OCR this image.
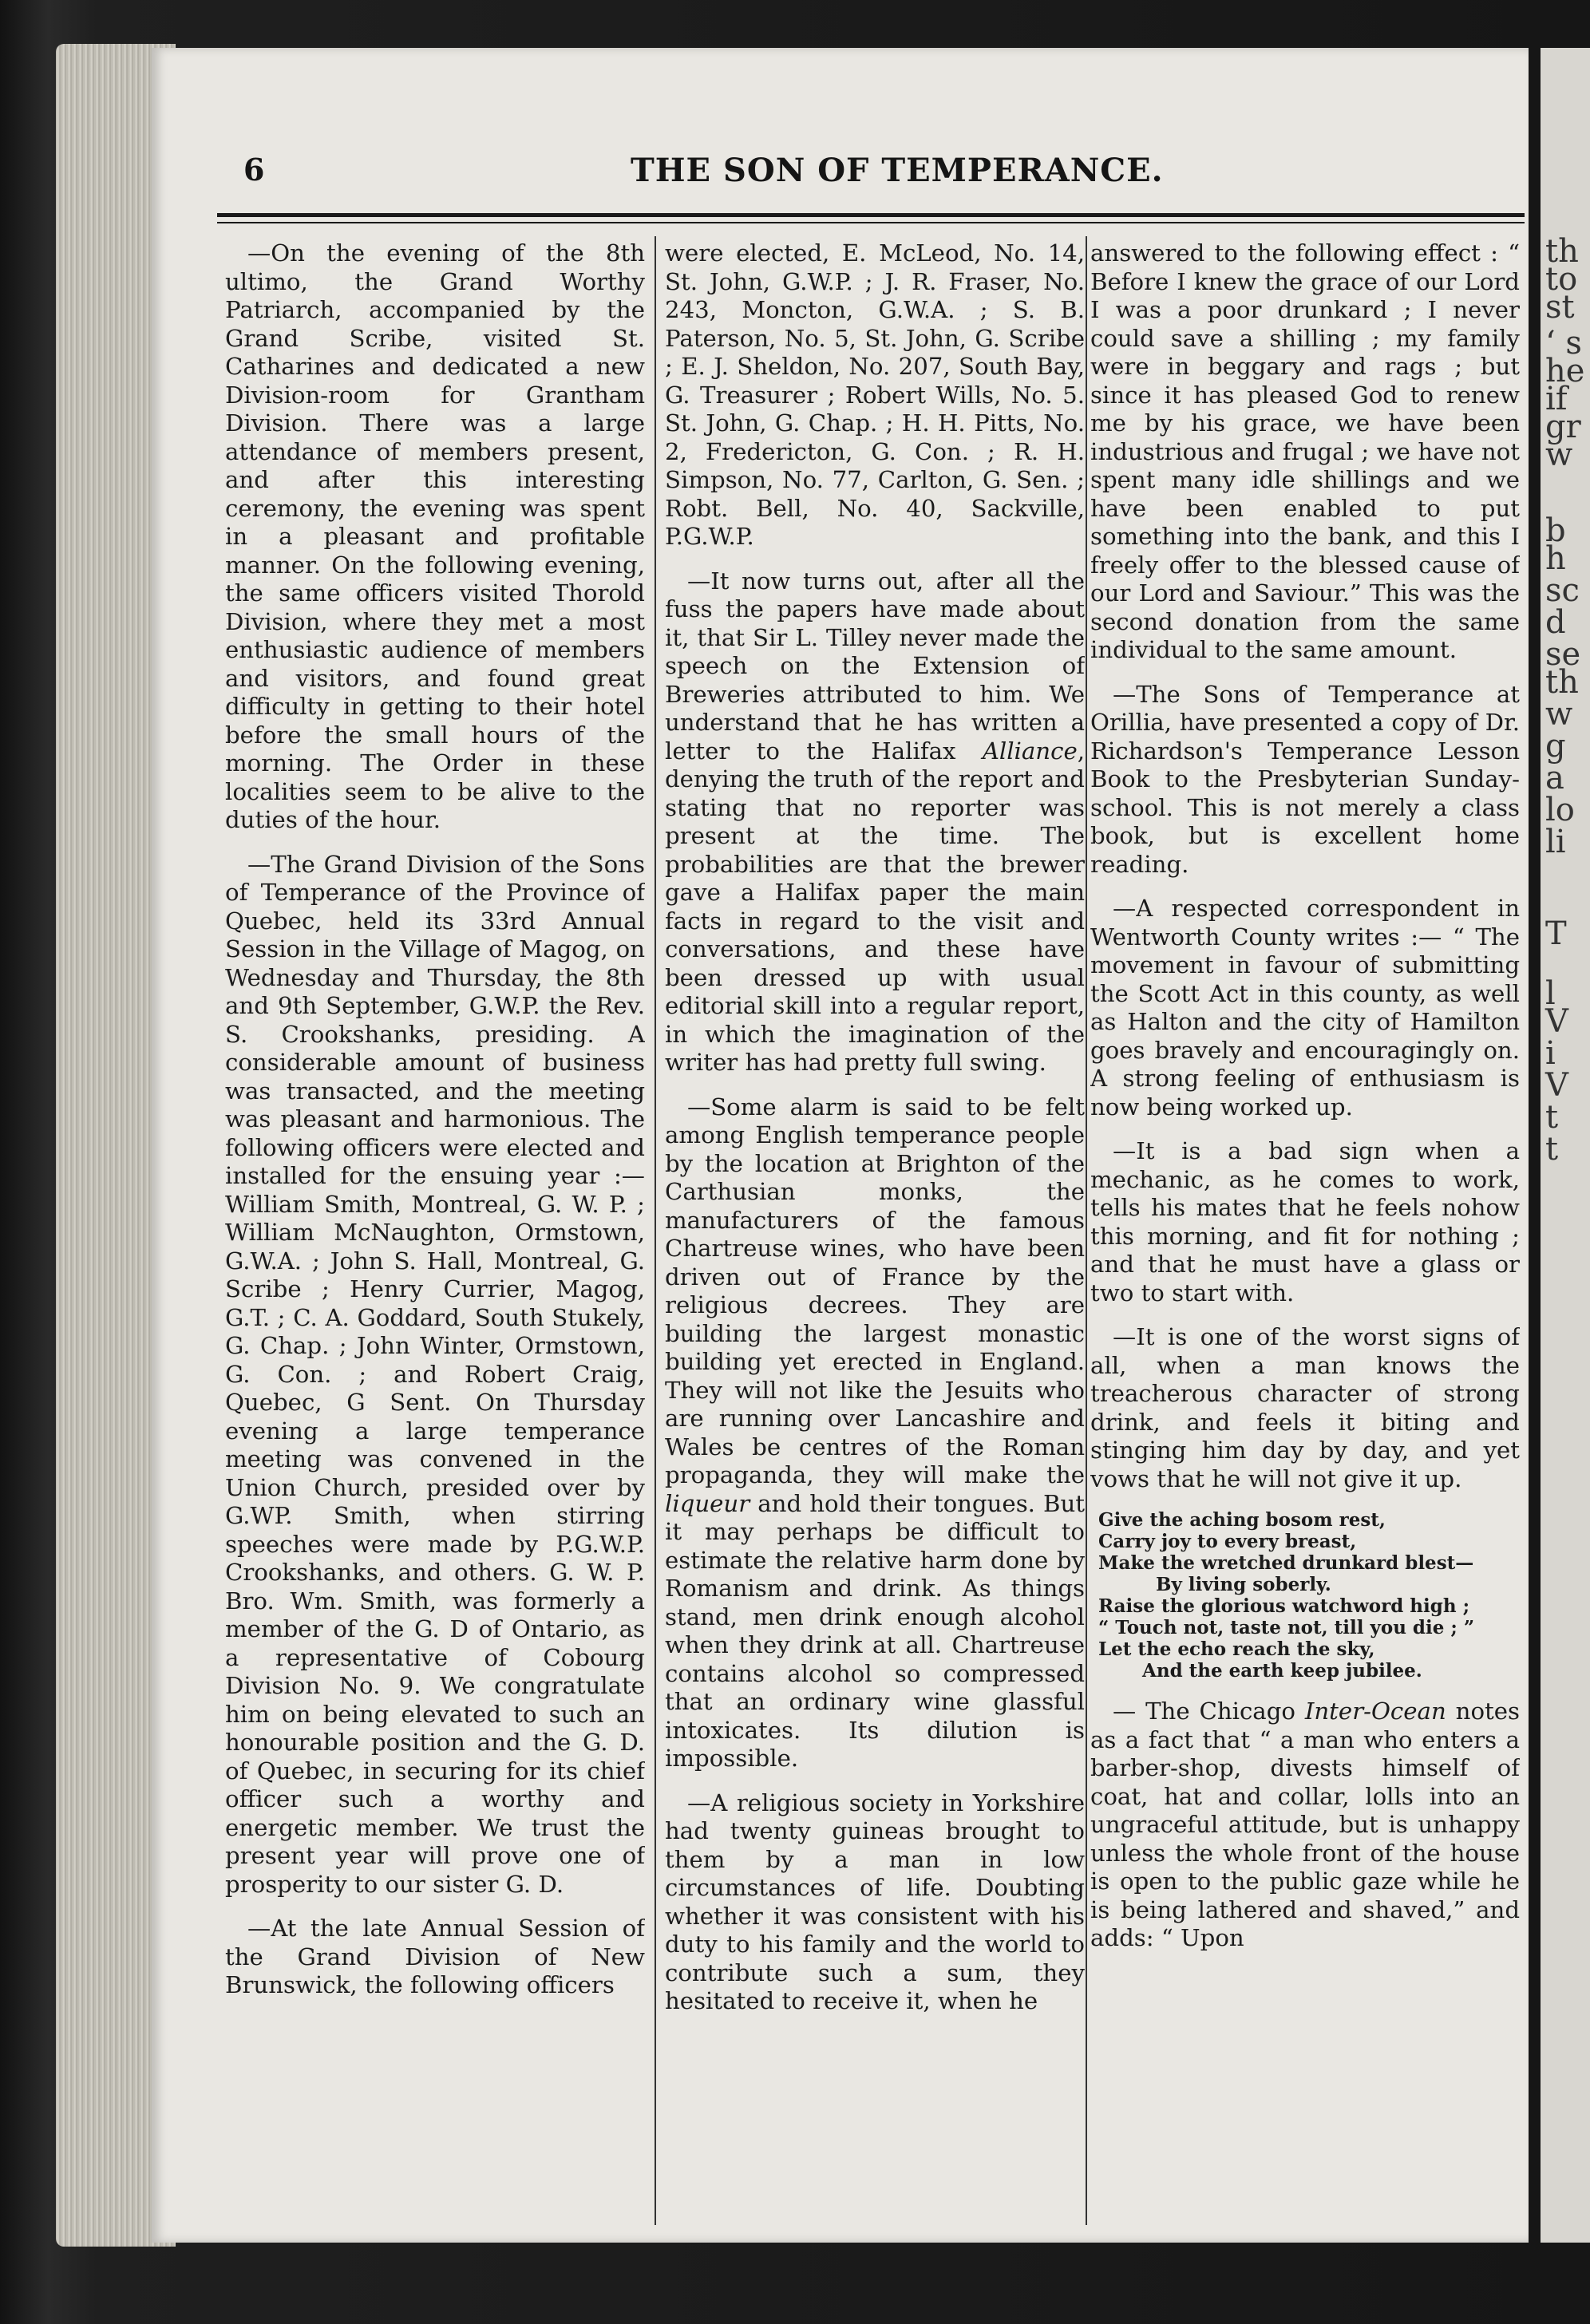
th
to
st
‘ s
he
if
gr
w
b
h
sc
d
se
th
w
g
a
lo
li
T
l
V
i
V
t
t
6	THE SON OF TEMPERANCE.

—On the evening of the 8th ultimo, the Grand Worthy Patriarch, accompanied by the Grand Scribe, visited St. Catharines and dedicated a new Division-room for Grantham Division. There was a large attendance of members present, and after this interesting ceremony, the evening was spent in a pleasant and profitable manner. On the following evening, the same officers visited Thorold Division, where they met a most enthusiastic audience of members and visitors, and found great difficulty in getting to their hotel before the small hours of the morning. The Order in these localities seem to be alive to the duties of the hour.

—The Grand Division of the Sons of Temperance of the Province of Quebec, held its 33rd Annual Session in the Village of Magog, on Wednesday and Thursday, the 8th and 9th September, G.W.P. the Rev. S. Crookshanks, presiding. A considerable amount of business was transacted, and the meeting was pleasant and harmonious. The following officers were elected and installed for the ensuing year :—William Smith, Montreal, G. W. P. ; William McNaughton, Ormstown, G.W.A. ; John S. Hall, Montreal, G. Scribe ; Henry Currier, Magog, G.T. ; C. A. Goddard, South Stukely, G. Chap. ; John Winter, Ormstown, G. Con. ; and Robert Craig, Quebec, G Sent. On Thursday evening a large temperance meeting was convened in the Union Church, presided over by G.WP. Smith, when stirring speeches were made by P.G.W.P. Crookshanks, and others. G. W. P. Bro. Wm. Smith, was formerly a member of the G. D of Ontario, as a representative of Cobourg Division No. 9. We congratulate him on being elevated to such an honourable position and the G. D. of Quebec, in securing for its chief officer such a worthy and energetic member. We trust the present year will prove one of prosperity to our sister G. D.

—At the late Annual Session of the Grand Division of New Brunswick, the following officers

were elected, E. McLeod, No. 14, St. John, G.W.P. ; J. R. Fraser, No. 243, Moncton, G.W.A. ; S. B. Paterson, No. 5, St. John, G. Scribe ; E. J. Sheldon, No. 207, South Bay, G. Treasurer ; Robert Wills, No. 5. St. John, G. Chap. ; H. H. Pitts, No. 2, Fredericton, G. Con. ; R. H. Simpson, No. 77, Carlton, G. Sen. ; Robt. Bell, No. 40, Sackville, P.G.W.P.

—It now turns out, after all the fuss the papers have made about it, that Sir L. Tilley never made the speech on the Extension of Breweries attributed to him. We understand that he has written a letter to the Halifax Alliance, denying the truth of the report and stating that no reporter was present at the time. The probabilities are that the brewer gave a Halifax paper the main facts in regard to the visit and conversations, and these have been dressed up with usual editorial skill into a regular report, in which the imagination of the writer has had pretty full swing.

—Some alarm is said to be felt among English temperance people by the location at Brighton of the Carthusian monks, the manufacturers of the famous Chartreuse wines, who have been driven out of France by the religious decrees. They are building the largest monastic building yet erected in England. They will not like the Jesuits who are running over Lancashire and Wales be centres of the Roman propaganda, they will make the liqueur and hold their tongues. But it may perhaps be difficult to estimate the relative harm done by Romanism and drink. As things stand, men drink enough alcohol when they drink at all. Chartreuse contains alcohol so compressed that an ordinary wine glassful intoxicates. Its dilution is impossible.

—A religious society in Yorkshire had twenty guineas brought to them by a man in low circumstances of life. Doubting whether it was consistent with his duty to his family and the world to contribute such a sum, they hesitated to receive it, when he

answered to the following effect : “ Before I knew the grace of our Lord I was a poor drunkard ; I never could save a shilling ; my family were in beggary and rags ; but since it has pleased God to renew me by his grace, we have been industrious and frugal ; we have not spent many idle shillings and we have been enabled to put something into the bank, and this I freely offer to the blessed cause of our Lord and Saviour.” This was the second donation from the same individual to the same amount.

—The Sons of Temperance at Orillia, have presented a copy of Dr. Richardson's Temperance Lesson Book to the Presbyterian Sunday-school. This is not merely a class book, but is excellent home reading.

—A respected correspondent in Wentworth County writes :— “ The movement in favour of submitting the Scott Act in this county, as well as Halton and the city of Hamilton goes bravely and encouragingly on. A strong feeling of enthusiasm is now being worked up.

—It is a bad sign when a mechanic, as he comes to work, tells his mates that he feels nohow this morning, and fit for nothing ; and that he must have a glass or two to start with.

—It is one of the worst signs of all, when a man knows the treacherous character of strong drink, and feels it biting and stinging him day by day, and yet vows that he will not give it up.

Give the aching bosom rest,
Carry joy to every breast,
Make the wretched drunkard blest—
By living soberly.
Raise the glorious watchword high ;
“ Touch not, taste not, till you die ; ”
Let the echo reach the sky,
And the earth keep jubilee.

— The Chicago Inter-Ocean notes as a fact that “ a man who enters a barber-shop, divests himself of coat, hat and collar, lolls into an ungraceful attitude, but is unhappy unless the whole front of the house is open to the public gaze while he is being lathered and shaved,” and adds: “ Upon
